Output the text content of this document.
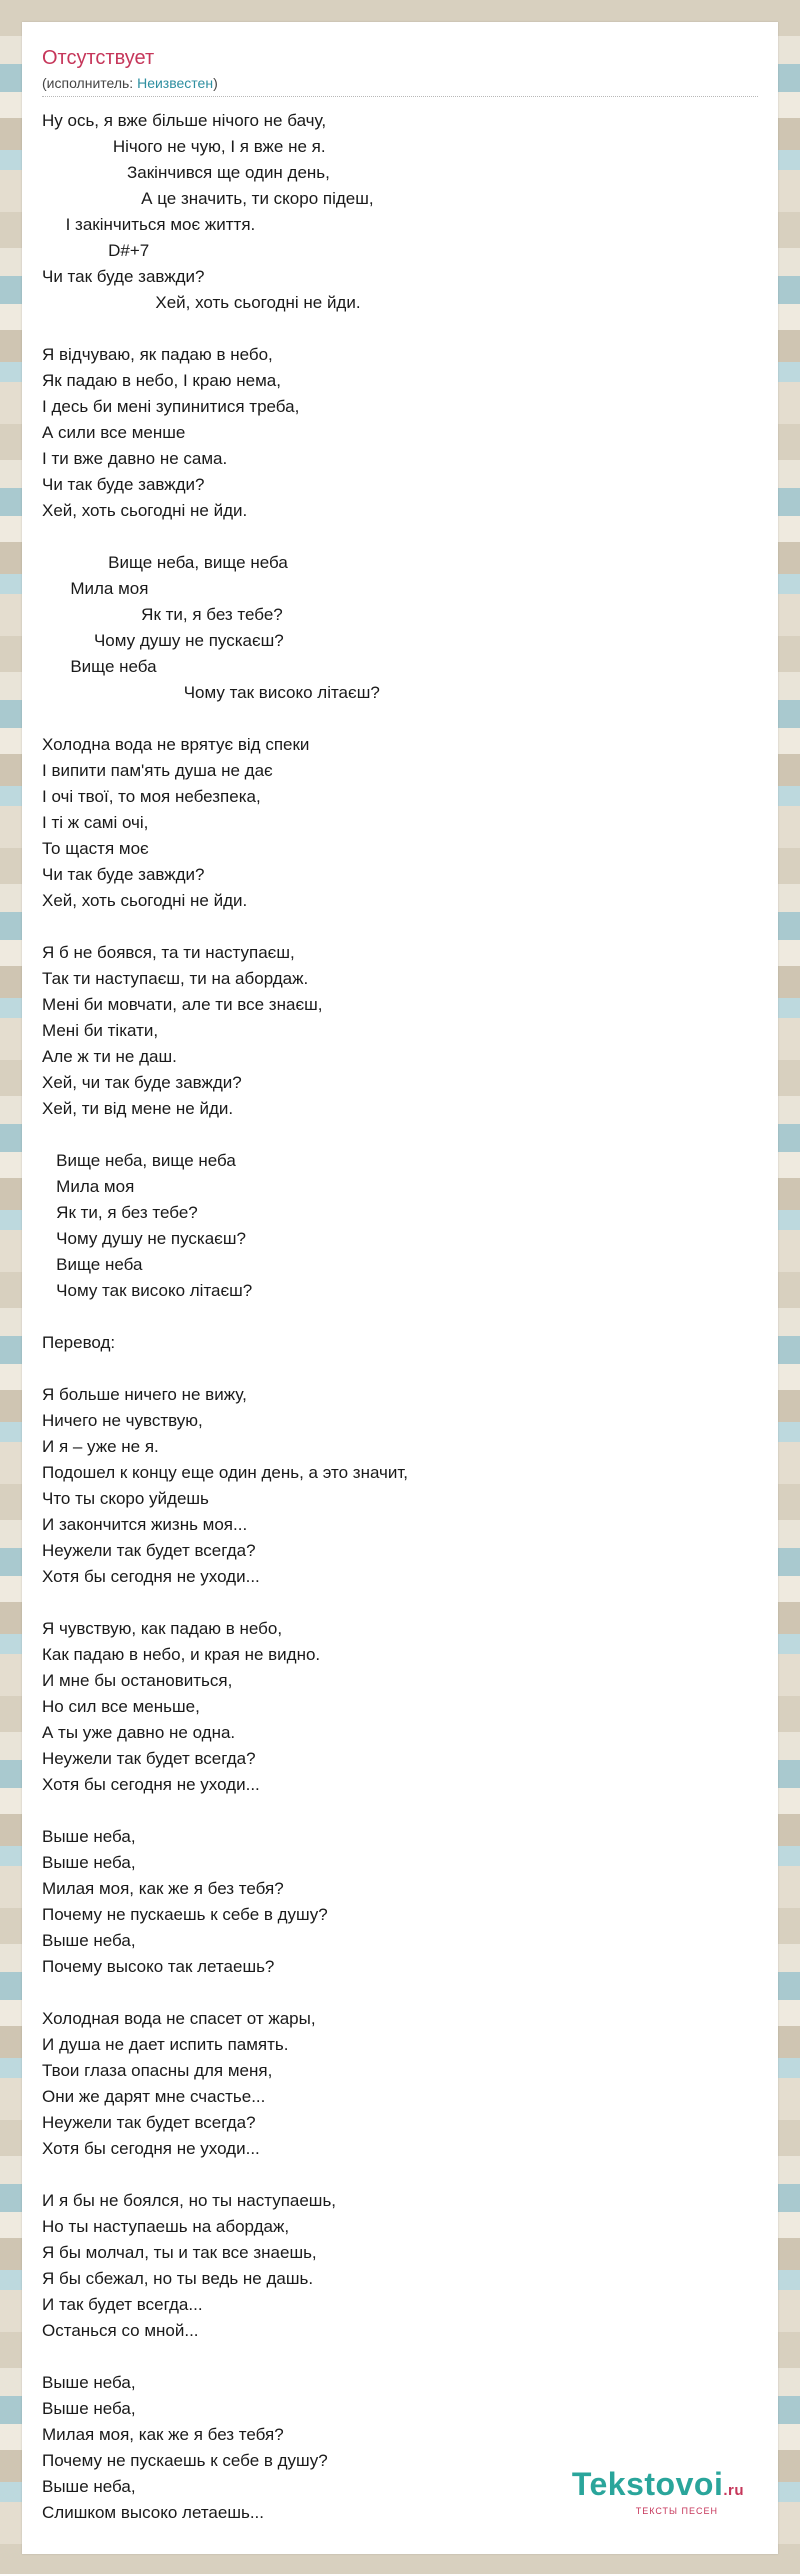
Отсутствует
(исполнитель: Неизвестен)
Ну ось, я вже більше нічого не бачу,
Нічого не чую, І я вже не я.
Закінчився ще один день,
А це значить, ти скоро підеш,
І закінчиться моє життя.
D#+7
Чи так буде завжди?
Хей, хоть сьогодні не йди.

Я відчуваю, як падаю в небо,
Як падаю в небо, І краю нема,
І десь би мені зупинитися треба,
А сили все менше
І ти вже давно не сама.
Чи так буде завжди?
Хей, хоть сьогодні не йди.

Вище неба, вище неба
Мила моя
Як ти, я без тебе?
Чому душу не пускаєш?
Вище неба
Чому так високо літаєш?

Холодна вода не врятує від спеки
І випити пам'ять душа не дає
І очі твої, то моя небезпека,
І ті ж самі очі,
То щастя моє
Чи так буде завжди?
Хей, хоть сьогодні не йди.

Я б не боявся, та ти наступаєш,
Так ти наступаєш, ти на абордаж.
Мені би мовчати, але ти все знаєш,
Мені би тікати,
Але ж ти не даш.
Хей, чи так буде завжди?
Хей, ти від мене не йди.

Вище неба, вище неба
Мила моя
Як ти, я без тебе?
Чому душу не пускаєш?
Вище неба
Чому так високо літаєш?

Перевод:

Я больше ничего не вижу,
Ничего не чувствую,
И я – уже не я.
Подошел к концу еще один день, а это значит,
Что ты скоро уйдешь
И закончится жизнь моя...
Неужели так будет всегда?
Хотя бы сегодня не уходи...

Я чувствую, как падаю в небо,
Как падаю в небо, и края не видно.
И мне бы остановиться,
Но сил все меньше,
А ты уже давно не одна.
Неужели так будет всегда?
Хотя бы сегодня не уходи...

Выше неба,
Выше неба,
Милая моя, как же я без тебя?
Почему не пускаешь к себе в душу?
Выше неба,
Почему высоко так летаешь?

Холодная вода не спасет от жары,
И душа не дает испить память.
Твои глаза опасны для меня,
Они же дарят мне счастье...
Неужели так будет всегда?
Хотя бы сегодня не уходи...

И я бы не боялся, но ты наступаешь,
Но ты наступаешь на абордаж,
Я бы молчал, ты и так все знаешь,
Я бы сбежал, но ты ведь не дашь.
И так будет всегда...
Останься со мной...

Выше неба,
Выше неба,
Милая моя, как же я без тебя?
Почему не пускаешь к себе в душу?
Выше неба,
Слишком высоко летаешь...
Tekstovoi.ru
ТЕКСТЫ ПЕСЕН
